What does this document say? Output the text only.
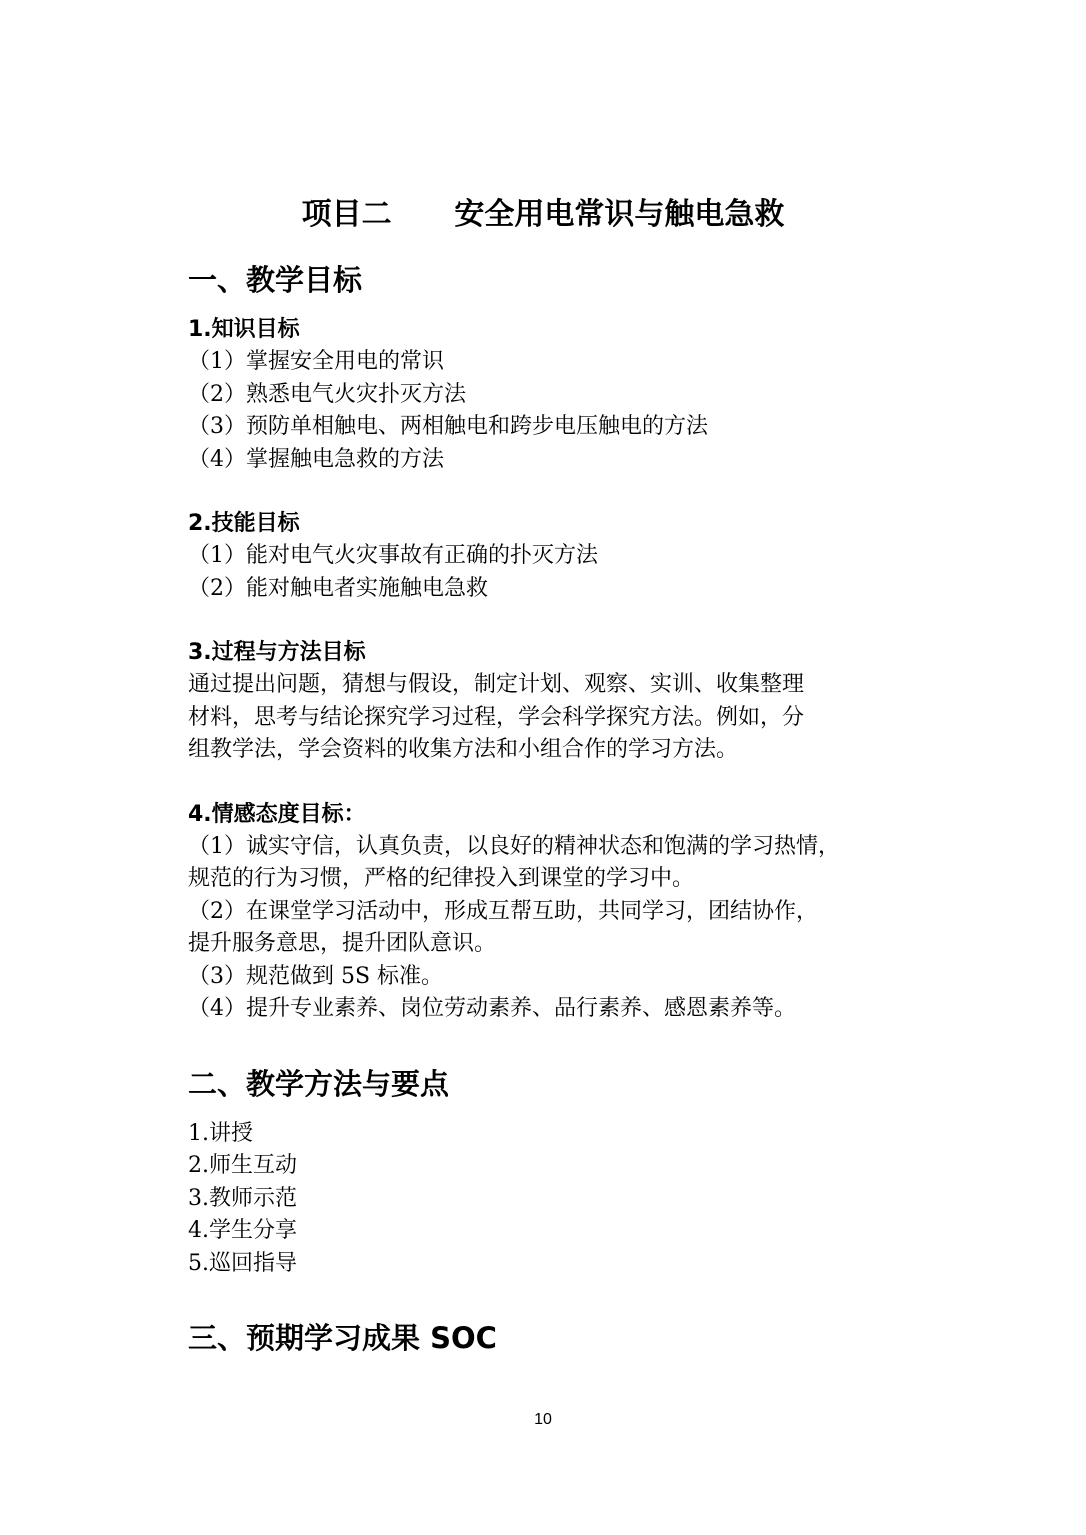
项目二      安全用电常识与触电急救
一、教学目标
1.知识目标
（1）掌握安全用电的常识
（2）熟悉电气火灾扑灭方法
（3）预防单相触电、两相触电和跨步电压触电的方法
（4）掌握触电急救的方法
2.技能目标
（1）能对电气火灾事故有正确的扑灭方法
（2）能对触电者实施触电急救
3.过程与方法目标
通过提出问题，猜想与假设，制定计划、观察、实训、收集整理
材料，思考与结论探究学习过程，学会科学探究方法。例如，分
组教学法，学会资料的收集方法和小组合作的学习方法。
4.情感态度目标：
（1）诚实守信，认真负责，以良好的精神状态和饱满的学习热情，
规范的行为习惯，严格的纪律投入到课堂的学习中。
（2）在课堂学习活动中，形成互帮互助，共同学习，团结协作，
提升服务意思，提升团队意识。
（3）规范做到 5S 标准。
（4）提升专业素养、岗位劳动素养、品行素养、感恩素养等。
二、教学方法与要点
1.讲授
2.师生互动
3.教师示范
4.学生分享
5.巡回指导
三、预期学习成果 SOC
10
